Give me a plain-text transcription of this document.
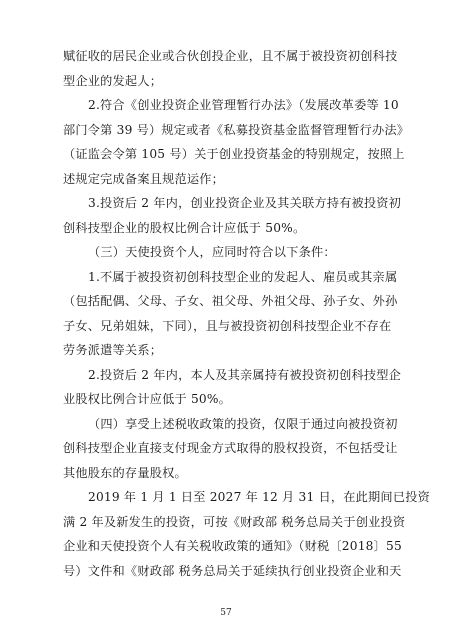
赋征收的居民企业或合伙创投企业，且不属于被投资初创科技
型企业的发起人；
2.符合《创业投资企业管理暂行办法》（发展改革委等 10
部门令第 39 号）规定或者《私募投资基金监督管理暂行办法》
（证监会令第 105 号）关于创业投资基金的特别规定，按照上
述规定完成备案且规范运作；
3.投资后 2 年内，创业投资企业及其关联方持有被投资初
创科技型企业的股权比例合计应低于 50%。
（三）天使投资个人，应同时符合以下条件：
1.不属于被投资初创科技型企业的发起人、雇员或其亲属
（包括配偶、父母、子女、祖父母、外祖父母、孙子女、外孙
子女、兄弟姐妹，下同），且与被投资初创科技型企业不存在
劳务派遣等关系；
2.投资后 2 年内，本人及其亲属持有被投资初创科技型企
业股权比例合计应低于 50%。
（四）享受上述税收政策的投资，仅限于通过向被投资初
创科技型企业直接支付现金方式取得的股权投资，不包括受让
其他股东的存量股权。
2019 年 1 月 1 日至 2027 年 12 月 31 日，在此期间已投资
满 2 年及新发生的投资，可按《财政部 税务总局关于创业投资
企业和天使投资个人有关税收政策的通知》（财税〔2018〕55
号）文件和《财政部 税务总局关于延续执行创业投资企业和天
57
